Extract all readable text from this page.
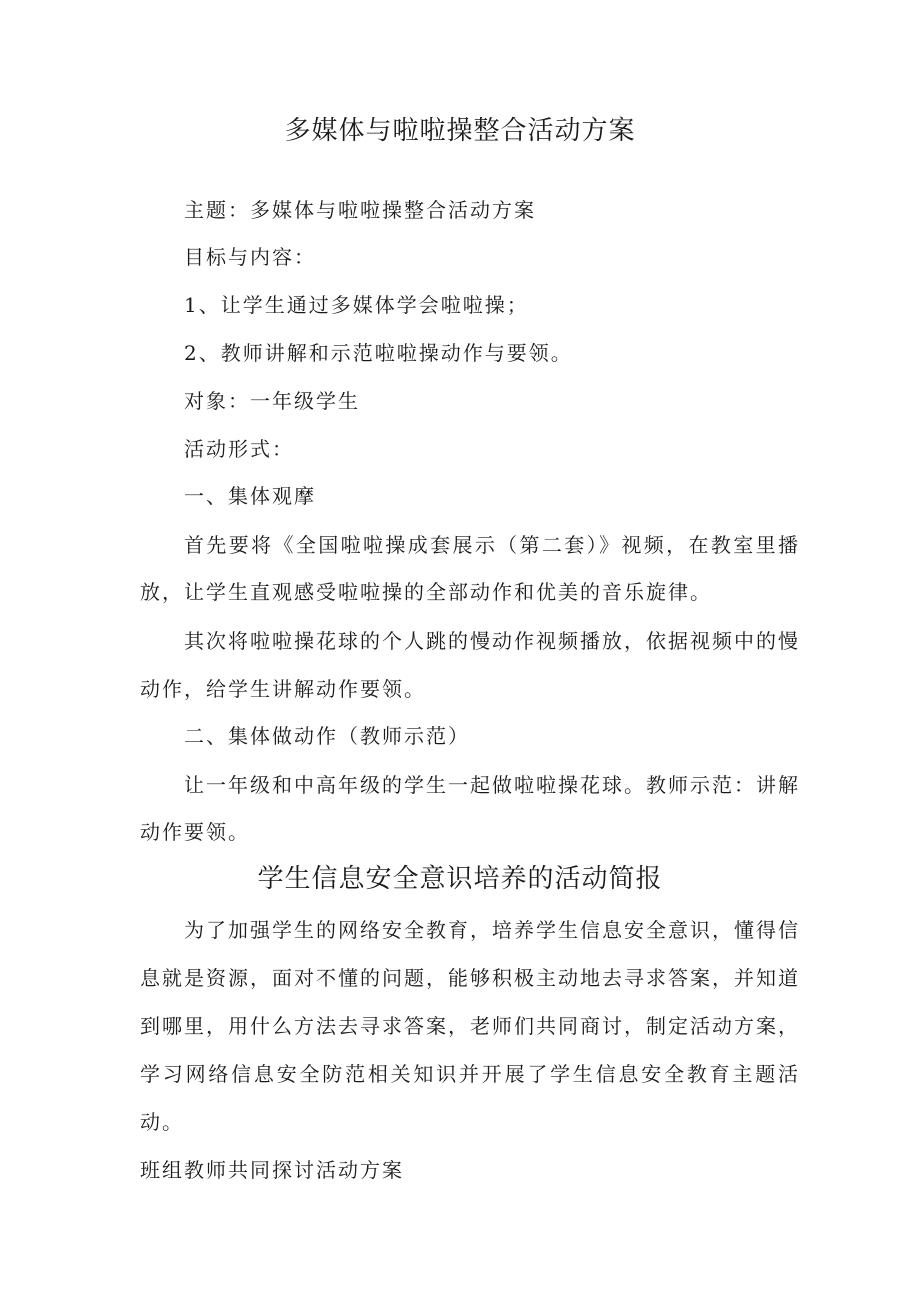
多媒体与啦啦操整合活动方案

主题：多媒体与啦啦操整合活动方案

目标与内容：

1、让学生通过多媒体学会啦啦操；

2、教师讲解和示范啦啦操动作与要领。

对象：一年级学生

活动形式：

一、集体观摩

首先要将《全国啦啦操成套展示（第二套）》视频，在教室里播

放，让学生直观感受啦啦操的全部动作和优美的音乐旋律。

其次将啦啦操花球的个人跳的慢动作视频播放，依据视频中的慢

动作，给学生讲解动作要领。

二、集体做动作（教师示范）

让一年级和中高年级的学生一起做啦啦操花球。教师示范：讲解

动作要领。

学生信息安全意识培养的活动简报

为了加强学生的网络安全教育，培养学生信息安全意识，懂得信

息就是资源，面对不懂的问题，能够积极主动地去寻求答案，并知道

到哪里，用什么方法去寻求答案，老师们共同商讨，制定活动方案，

学习网络信息安全防范相关知识并开展了学生信息安全教育主题活

动。

班组教师共同探讨活动方案
